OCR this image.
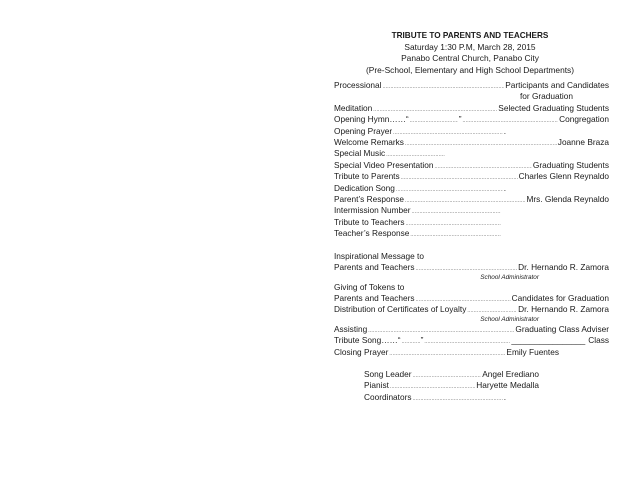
TRIBUTE TO PARENTS AND TEACHERS
Saturday 1:30 P.M, March 28, 2015
Panabo Central Church, Panabo City
(Pre-School, Elementary and High School Departments)
Processional .....	Participants and Candidates
for Graduation
Meditation .....	Selected Graduating Students
Opening Hymn……“ .....	” .....	Congregation
Opening Prayer .....	.
Welcome Remarks .....	Joanne Braza
Special Music
.....
Special Video Presentation .....	Graduating Students
Tribute to Parents .....	Charles Glenn Reynaldo
Dedication Song .....	.
Parent’s Response .....	Mrs. Glenda Reynaldo
Intermission Number
.....
Tribute to Teachers
.....
Teacher’s Response
.....
Inspirational Message to
Parents and Teachers .....	Dr. Hernando R. Zamora
School Administrator
Giving of Tokens to
Parents and Teachers .....	Candidates for Graduation
Distribution of Certificates of Loyalty .....	Dr. Hernando R. Zamora
School Administrator
Assisting .....	Graduating Class Adviser
Tribute Song……“ ..... ” .....	________________ Class
Closing Prayer .....	Emily Fuentes
Song Leader .....	Angel Erediano
Pianist .....	Haryette Medalla
Coordinators .....	.
